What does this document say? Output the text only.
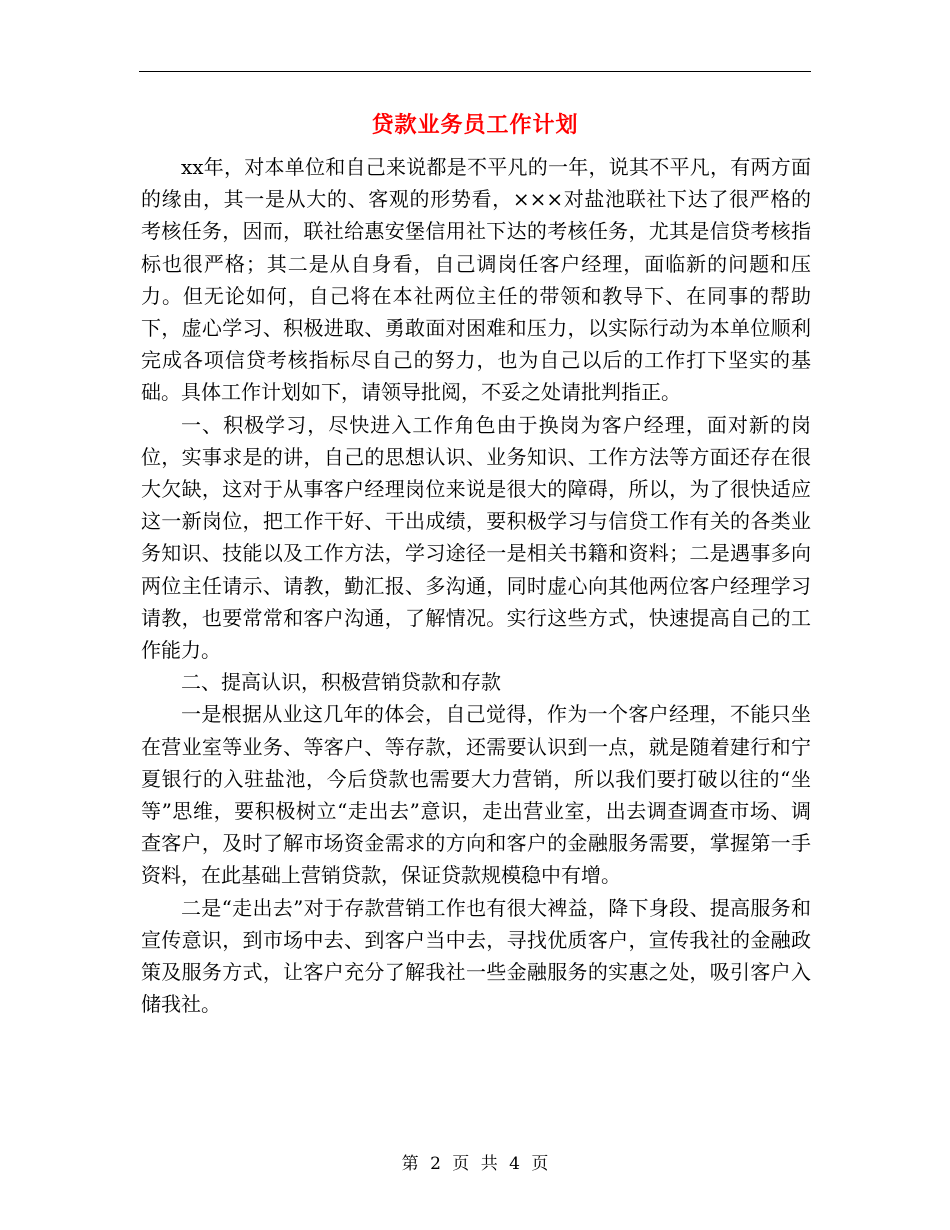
贷款业务员工作计划

xx年，对本单位和自己来说都是不平凡的一年，说其不平凡，有两方面的缘由，其一是从大的、客观的形势看，×××对盐池联社下达了很严格的考核任务，因而，联社给惠安堡信用社下达的考核任务，尤其是信贷考核指标也很严格；其二是从自身看，自己调岗任客户经理，面临新的问题和压力。但无论如何，自己将在本社两位主任的带领和教导下、在同事的帮助下，虚心学习、积极进取、勇敢面对困难和压力，以实际行动为本单位顺利完成各项信贷考核指标尽自己的努力，也为自己以后的工作打下坚实的基础。具体工作计划如下，请领导批阅，不妥之处请批判指正。

一、积极学习，尽快进入工作角色由于换岗为客户经理，面对新的岗位，实事求是的讲，自己的思想认识、业务知识、工作方法等方面还存在很大欠缺，这对于从事客户经理岗位来说是很大的障碍，所以，为了很快适应这一新岗位，把工作干好、干出成绩，要积极学习与信贷工作有关的各类业务知识、技能以及工作方法，学习途径一是相关书籍和资料；二是遇事多向两位主任请示、请教，勤汇报、多沟通，同时虚心向其他两位客户经理学习请教，也要常常和客户沟通，了解情况。实行这些方式，快速提高自己的工作能力。

二、提高认识，积极营销贷款和存款

一是根据从业这几年的体会，自己觉得，作为一个客户经理，不能只坐在营业室等业务、等客户、等存款，还需要认识到一点，就是随着建行和宁夏银行的入驻盐池，今后贷款也需要大力营销，所以我们要打破以往的“坐等”思维，要积极树立“走出去”意识，走出营业室，出去调查调查市场、调查客户，及时了解市场资金需求的方向和客户的金融服务需要，掌握第一手资料，在此基础上营销贷款，保证贷款规模稳中有增。

二是“走出去”对于存款营销工作也有很大裨益，降下身段、提高服务和宣传意识，到市场中去、到客户当中去，寻找优质客户，宣传我社的金融政策及服务方式，让客户充分了解我社一些金融服务的实惠之处，吸引客户入储我社。

第 2 页 共 4 页
